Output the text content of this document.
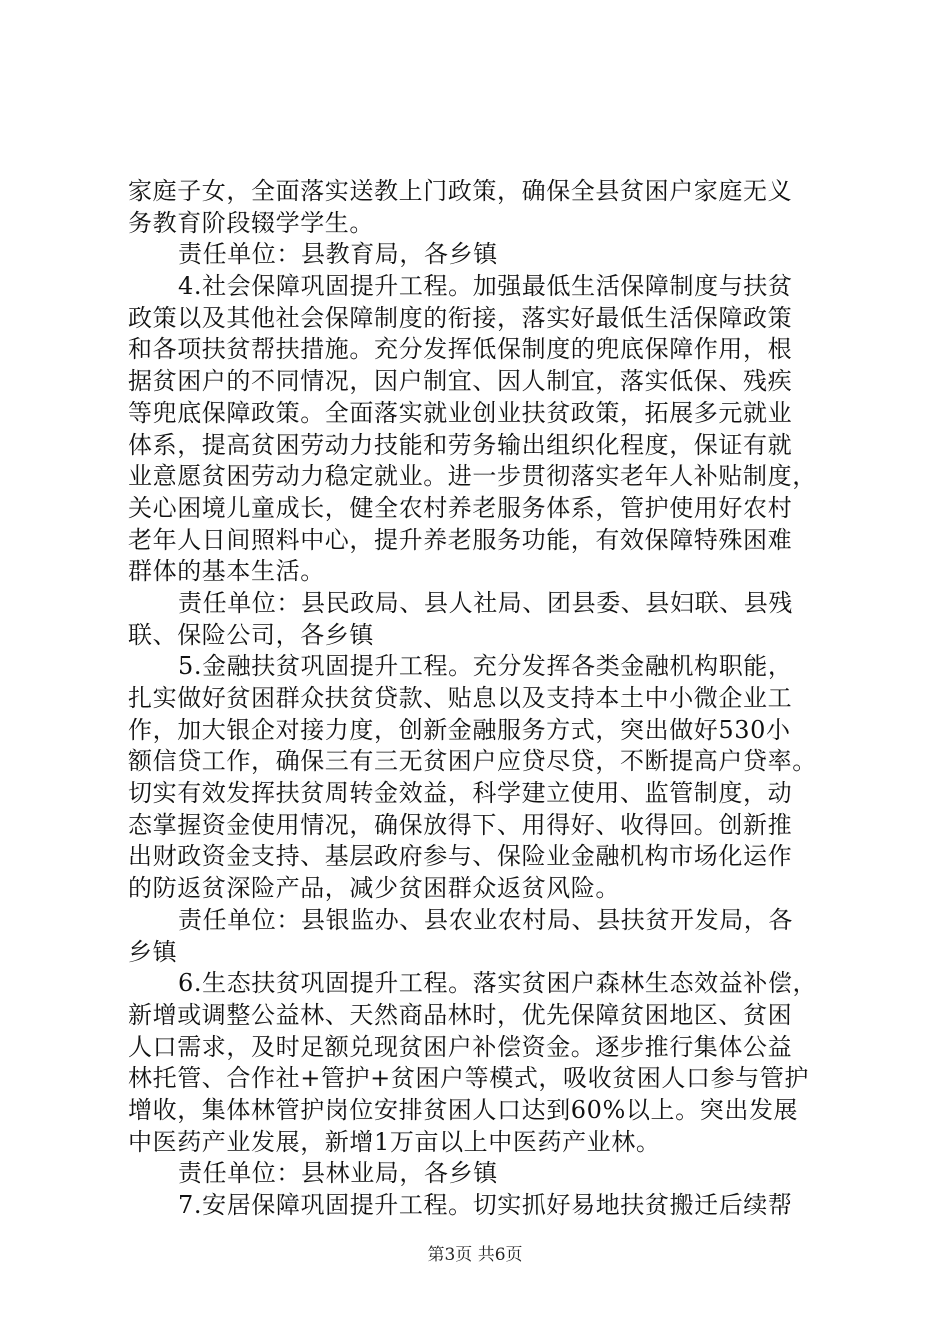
家庭子女，全面落实送教上门政策，确保全县贫困户家庭无义
务教育阶段辍学学生。
责任单位：县教育局，各乡镇
4.社会保障巩固提升工程。加强最低生活保障制度与扶贫
政策以及其他社会保障制度的衔接，落实好最低生活保障政策
和各项扶贫帮扶措施。充分发挥低保制度的兜底保障作用，根
据贫困户的不同情况，因户制宜、因人制宜，落实低保、残疾
等兜底保障政策。全面落实就业创业扶贫政策，拓展多元就业
体系，提高贫困劳动力技能和劳务输出组织化程度，保证有就
业意愿贫困劳动力稳定就业。进一步贯彻落实老年人补贴制度，
关心困境儿童成长，健全农村养老服务体系，管护使用好农村
老年人日间照料中心，提升养老服务功能，有效保障特殊困难
群体的基本生活。
责任单位：县民政局、县人社局、团县委、县妇联、县残
联、保险公司，各乡镇
5.金融扶贫巩固提升工程。充分发挥各类金融机构职能，
扎实做好贫困群众扶贫贷款、贴息以及支持本土中小微企业工
作，加大银企对接力度，创新金融服务方式，突出做好530小
额信贷工作，确保三有三无贫困户应贷尽贷，不断提高户贷率。
切实有效发挥扶贫周转金效益，科学建立使用、监管制度，动
态掌握资金使用情况，确保放得下、用得好、收得回。创新推
出财政资金支持、基层政府参与、保险业金融机构市场化运作
的防返贫深险产品，减少贫困群众返贫风险。
责任单位：县银监办、县农业农村局、县扶贫开发局，各
乡镇
6.生态扶贫巩固提升工程。落实贫困户森林生态效益补偿，
新增或调整公益林、天然商品林时，优先保障贫困地区、贫困
人口需求，及时足额兑现贫困户补偿资金。逐步推行集体公益
林托管、合作社+管护+贫困户等模式，吸收贫困人口参与管护
增收，集体林管护岗位安排贫困人口达到60%以上。突出发展
中医药产业发展，新增1万亩以上中医药产业林。
责任单位：县林业局，各乡镇
7.安居保障巩固提升工程。切实抓好易地扶贫搬迁后续帮
第3页 共6页
